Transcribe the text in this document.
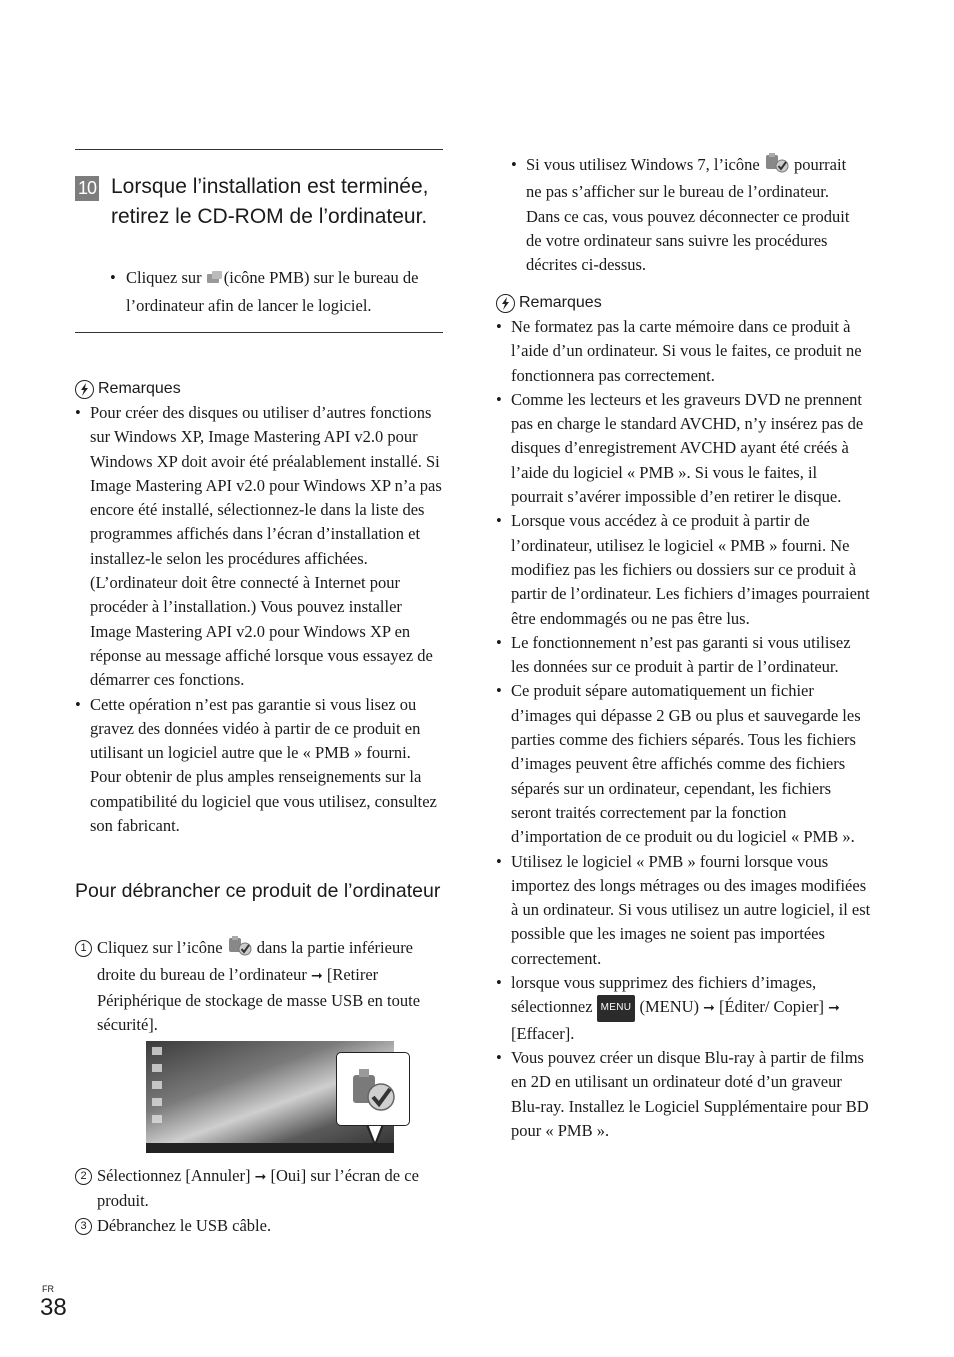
10 Lorsque l’installation est terminée, retirez le CD-ROM de l’ordinateur.
• Cliquez sur (icône PMB) sur le bureau de l’ordinateur afin de lancer le logiciel.
Remarques
• Pour créer des disques ou utiliser d’autres fonctions sur Windows XP, Image Mastering API v2.0 pour Windows XP doit avoir été préalablement installé. Si Image Mastering API v2.0 pour Windows XP n’a pas encore été installé, sélectionnez-le dans la liste des programmes affichés dans l’écran d’installation et installez-le selon les procédures affichées. (L’ordinateur doit être connecté à Internet pour procéder à l’installation.) Vous pouvez installer Image Mastering API v2.0 pour Windows XP en réponse au message affiché lorsque vous essayez de démarrer ces fonctions.
• Cette opération n’est pas garantie si vous lisez ou gravez des données vidéo à partir de ce produit en utilisant un logiciel autre que le « PMB » fourni. Pour obtenir de plus amples renseignements sur la compatibilité du logiciel que vous utilisez, consultez son fabricant.
Pour débrancher ce produit de l’ordinateur
1 Cliquez sur l’icône  dans la partie inférieure droite du bureau de l’ordinateur ➞ [Retirer Périphérique de stockage de masse USB en toute sécurité].
2 Sélectionnez [Annuler] ➞ [Oui] sur l’écran de ce produit.
3 Débranchez le USB câble.
• Si vous utilisez Windows 7, l’icône  pourrait ne pas s’afficher sur le bureau de l’ordinateur. Dans ce cas, vous pouvez déconnecter ce produit de votre ordinateur sans suivre les procédures décrites ci-dessus.
Remarques
• Ne formatez pas la carte mémoire dans ce produit à l’aide d’un ordinateur. Si vous le faites, ce produit ne fonctionnera pas correctement.
• Comme les lecteurs et les graveurs DVD ne prennent pas en charge le standard AVCHD, n’y insérez pas de disques d’enregistrement AVCHD ayant été créés à l’aide du logiciel « PMB ». Si vous le faites, il pourrait s’avérer impossible d’en retirer le disque.
• Lorsque vous accédez à ce produit à partir de l’ordinateur, utilisez le logiciel « PMB » fourni. Ne modifiez pas les fichiers ou dossiers sur ce produit à partir de l’ordinateur. Les fichiers d’images pourraient être endommagés ou ne pas être lus.
• Le fonctionnement n’est pas garanti si vous utilisez les données sur ce produit à partir de l’ordinateur.
• Ce produit sépare automatiquement un fichier d’images qui dépasse 2 GB ou plus et sauvegarde les parties comme des fichiers séparés. Tous les fichiers d’images peuvent être affichés comme des fichiers séparés sur un ordinateur, cependant, les fichiers seront traités correctement par la fonction d’importation de ce produit ou du logiciel « PMB ».
• Utilisez le logiciel « PMB » fourni lorsque vous importez des longs métrages ou des images modifiées à un ordinateur. Si vous utilisez un autre logiciel, il est possible que les images ne soient pas importées correctement.
• lorsque vous supprimez des fichiers d’images, sélectionnez MENU (MENU) ➞ [Éditer/ Copier] ➞ [Effacer].
• Vous pouvez créer un disque Blu-ray à partir de films en 2D en utilisant un ordinateur doté d’un graveur Blu-ray. Installez le Logiciel Supplémentaire pour BD pour « PMB ».
FR
38
